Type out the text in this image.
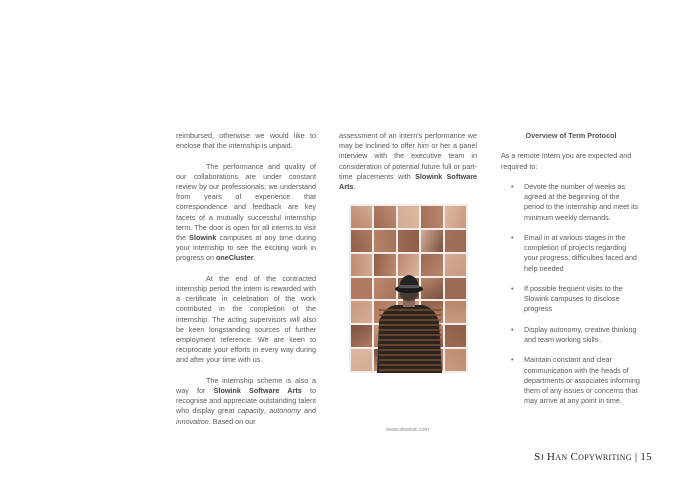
reimbursed, otherwise we would like to enclose that the internship is unpaid.

The performance and quality of our collaborations are under constant review by our professionals; we understand from years of experience that correspondence and feedback are key facets of a mutually successful internship term. The door is open for all interns to visit the Slowink campuses at any time during your internship to see the exciting work in progress on oneCluster.

At the end of the contracted internship period the intern is rewarded with a certificate in celebration of the work contributed in the completion of the internship. The acting supervisors will also be keen longstanding sources of further employment reference. We are keen to reciprocate your efforts in every way during and after your time with us.

The internship scheme is also a way for Slowink Software Arts to recognise and appreciate outstanding talent who display great capacity, autonomy and innovation. Based on our

assessment of an intern's performance we may be inclined to offer him or her a panel interview with the executive team in consideration of potential future full or part-time placements with Slowink Software Arts.

Overview of Term Protocol

As a remote Intern you are expected and required to:

• Devote the number of weeks as agreed at the beginning of the period to the internship and meet its minimum weekly demands.

• Email in at various stages in the completion of projects regarding your progress, difficulties faced and help needed

• If possible frequent visits to the Slowink campuses to disclose progress

• Display autonomy, creative thinking and team working skills .

• Maintain constant and clear communication with the heads of departments or associates informing them of any issues or concerns that may arrive at any point in time.

www.slowink.com
Sj Han Copywriting | 15
